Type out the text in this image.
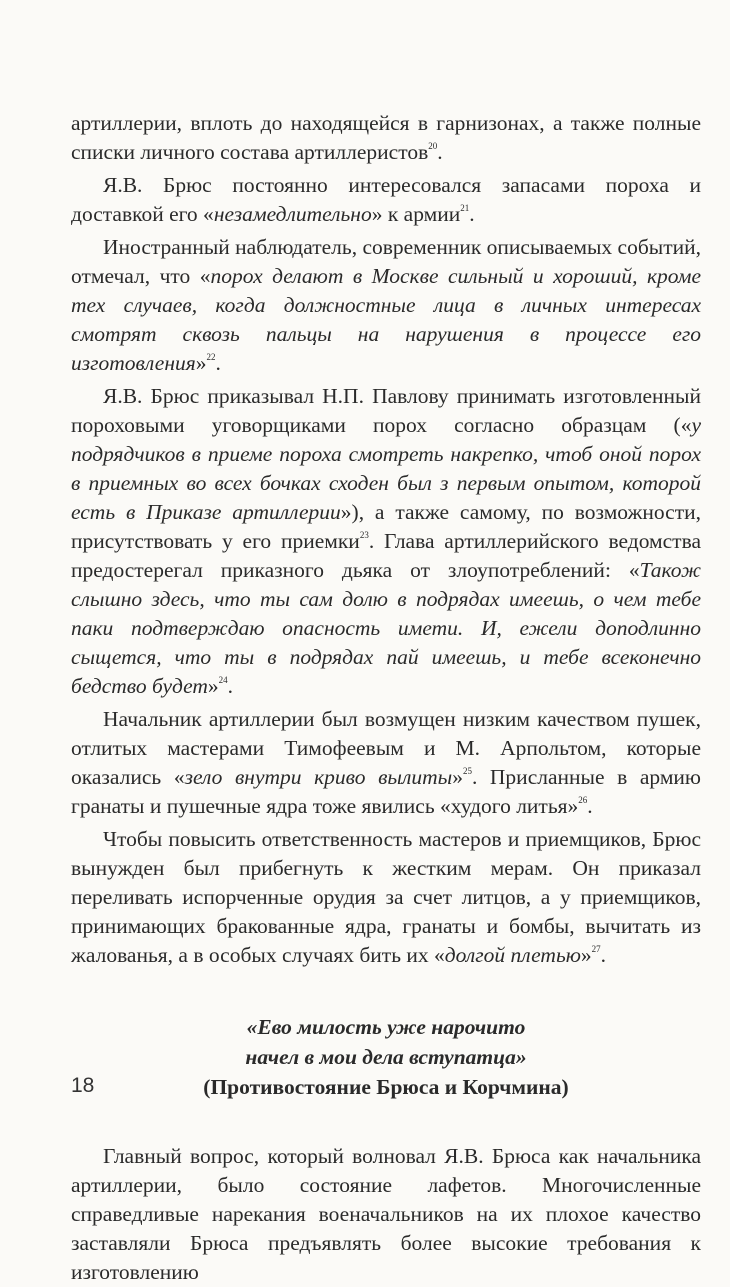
артиллерии, вплоть до находящейся в гарнизонах, а также полные списки личного состава артиллеристов$^{20}$.

Я.В. Брюс постоянно интересовался запасами пороха и доставкой его «незамедлительно» к армии$^{21}$.

Иностранный наблюдатель, современник описываемых событий, отмечал, что «порох делают в Москве сильный и хороший, кроме тех случаев, когда должностные лица в личных интересах смотрят сквозь пальцы на нарушения в процессе его изготовления»$^{22}$.

Я.В. Брюс приказывал Н.П. Павлову принимать изготовленный пороховыми уговорщиками порох согласно образцам («у подрядчиков в приеме пороха смотреть накрепко, чтоб оной порох в приемных во всех бочках сходен был з первым опытом, которой есть в Приказе артиллерии»), а также самому, по возможности, присутствовать у его приемки$^{23}$. Глава артиллерийского ведомства предостерегал приказного дьяка от злоупотреблений: «Також слышно здесь, что ты сам долю в подрядах имеешь, о чем тебе паки подтверждаю опасность имети. И, ежели доподлинно сыщется, что ты в подрядах пай имеешь, и тебе всеконечно бедство будет»$^{24}$.

Начальник артиллерии был возмущен низким качеством пушек, отлитых мастерами Тимофеевым и М. Арпольтом, которые оказались «зело внутри криво вылиты»$^{25}$. Присланные в армию гранаты и пушечные ядра тоже явились «худого литья»$^{26}$.

Чтобы повысить ответственность мастеров и приемщиков, Брюс вынужден был прибегнуть к жестким мерам. Он приказал переливать испорченные орудия за счет литцов, а у приемщиков, принимающих бракованные ядра, гранаты и бомбы, вычитать из жалованья, а в особых случаях бить их «долгой плетью»$^{27}$.

«Ево милость уже нарочито
начел в мои дела вступатца»
(Противостояние Брюса и Корчмина)

Главный вопрос, который волновал Я.В. Брюса как начальника артиллерии, было состояние лафетов. Многочисленные справедливые нарекания военачальников на их плохое качество заставляли Брюса предъявлять более высокие требования к изготовлению

18
